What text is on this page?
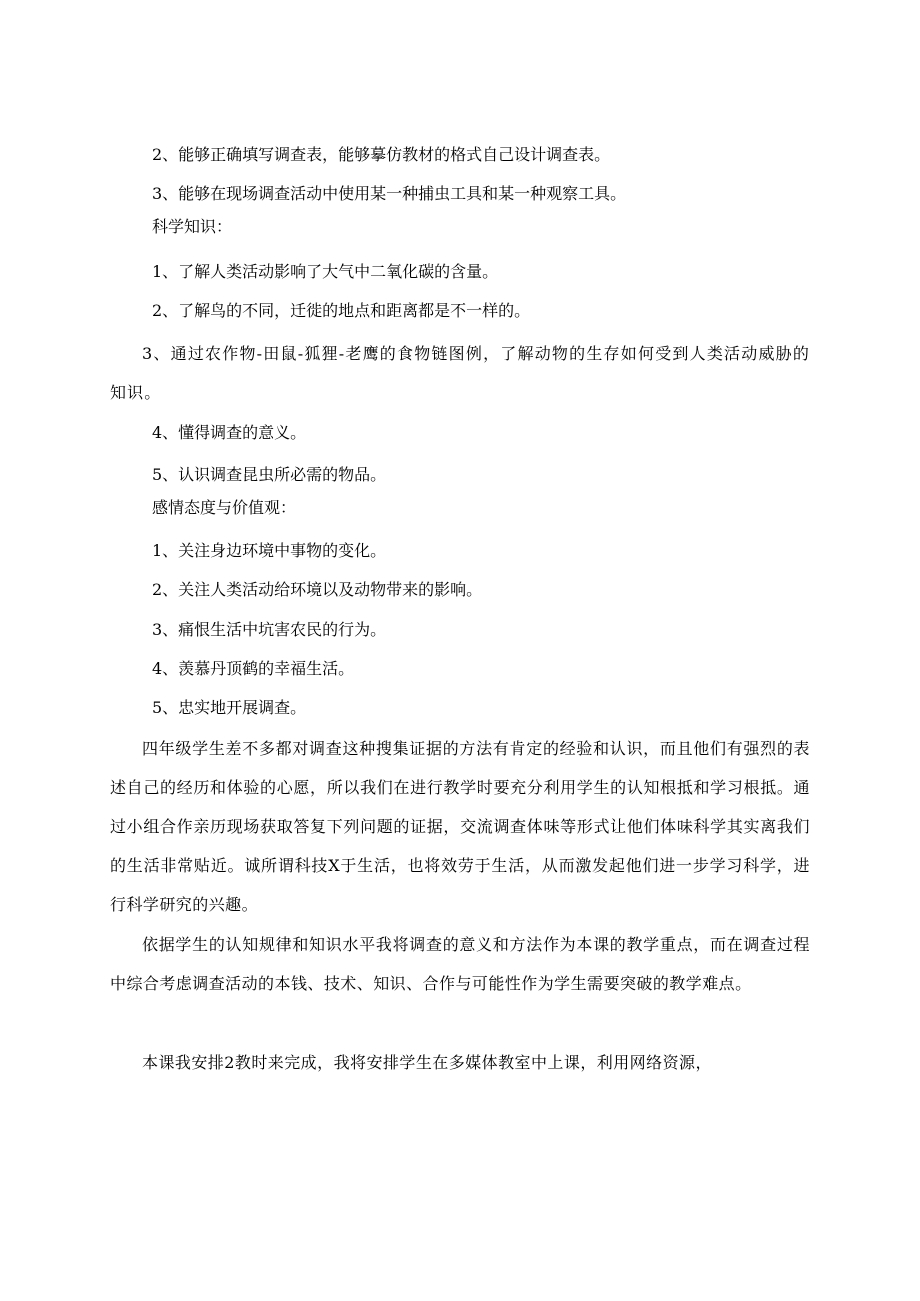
2、能够正确填写调查表，能够摹仿教材的格式自己设计调查表。

3、能够在现场调查活动中使用某一种捕虫工具和某一种观察工具。

科学知识：

1、了解人类活动影响了大气中二氧化碳的含量。

2、了解鸟的不同，迁徙的地点和距离都是不一样的。

3、通过农作物-田鼠-狐狸-老鹰的食物链图例，了解动物的生存如何受到人类活动威胁的知识。

4、懂得调查的意义。

5、认识调查昆虫所必需的物品。

感情态度与价值观：

1、关注身边环境中事物的变化。

2、关注人类活动给环境以及动物带来的影响。

3、痛恨生活中坑害农民的行为。

4、羡慕丹顶鹤的幸福生活。

5、忠实地开展调查。

四年级学生差不多都对调查这种搜集证据的方法有肯定的经验和认识，而且他们有强烈的表述自己的经历和体验的心愿，所以我们在进行教学时要充分利用学生的认知根抵和学习根抵。通过小组合作亲历现场获取答复下列问题的证据，交流调查体味等形式让他们体味科学其实离我们的生活非常贴近。诚所谓科技X于生活，也将效劳于生活，从而激发起他们进一步学习科学，进行科学研究的兴趣。

依据学生的认知规律和知识水平我将调查的意义和方法作为本课的教学重点，而在调查过程中综合考虑调查活动的本钱、技术、知识、合作与可能性作为学生需要突破的教学难点。

本课我安排2教时来完成，我将安排学生在多媒体教室中上课，利用网络资源，
